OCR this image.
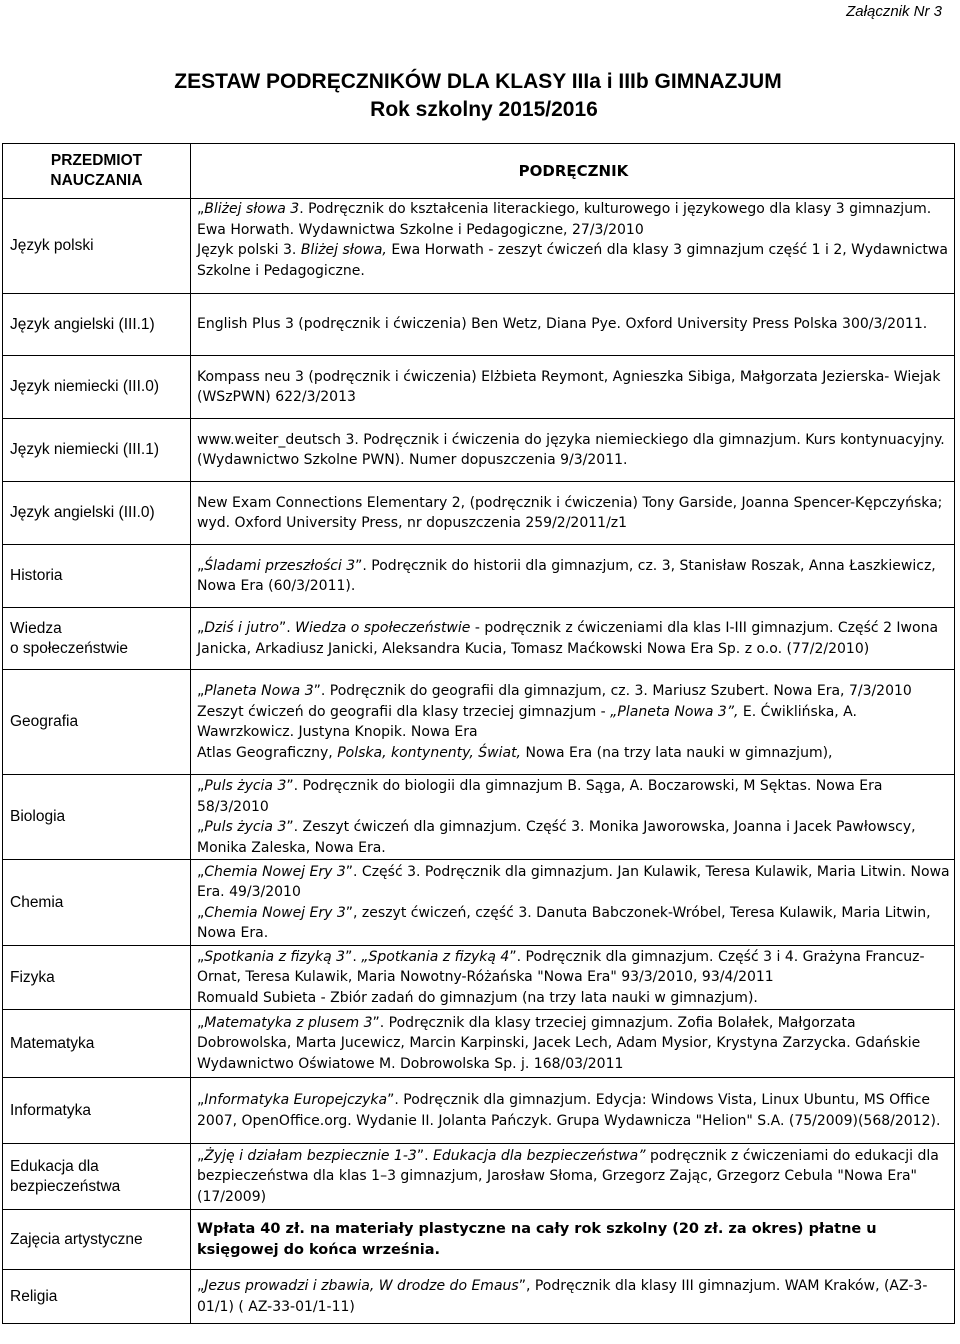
Załącznik Nr 3
ZESTAW PODRĘCZNIKÓW DLA KLASY IIIa i IIIb GIMNAZJUM
Rok szkolny 2015/2016
PRZEDMIOT
NAUCZANIA	PODRĘCZNIK
Język polski	„Bliżej słowa 3. Podręcznik do kształcenia literackiego, kulturowego i językowego dla klasy 3 gimnazjum. Ewa Horwath. Wydawnictwa Szkolne i Pedagogiczne, 27/3/2010
Język polski 3. Bliżej słowa, Ewa Horwath - zeszyt ćwiczeń dla klasy 3 gimnazjum część 1 i 2, Wydawnictwa Szkolne i Pedagogiczne.

Język angielski (III.1)	English Plus 3 (podręcznik i ćwiczenia) Ben Wetz, Diana Pye. Oxford University Press Polska 300/3/2011.
Język niemiecki (III.0)	Kompass neu 3 (podręcznik i ćwiczenia) Elżbieta Reymont, Agnieszka Sibiga, Małgorzata Jezierska- Wiejak (WSzPWN) 622/3/2013
Język niemiecki (III.1)	www.weiter_deutsch 3. Podręcznik i ćwiczenia do języka niemieckiego dla gimnazjum. Kurs kontynuacyjny. (Wydawnictwo Szkolne PWN). Numer dopuszczenia 9/3/2011.
Język angielski (III.0)	New Exam Connections Elementary 2, (podręcznik i ćwiczenia) Tony Garside, Joanna Spencer-Kępczyńska; wyd. Oxford University Press, nr dopuszczenia 259/2/2011/z1
Historia	„Śladami przeszłości 3”. Podręcznik do historii dla gimnazjum, cz. 3, Stanisław Roszak, Anna Łaszkiewicz, Nowa Era (60/3/2011).

Wiedza
o społeczeństwie	„Dziś i jutro”. Wiedza o społeczeństwie - podręcznik z ćwiczeniami dla klas I-III gimnazjum. Część 2 Iwona Janicka, Arkadiusz Janicki, Aleksandra Kucia, Tomasz Maćkowski Nowa Era Sp. z o.o. (77/2/2010)
Geografia	„Planeta Nowa 3”. Podręcznik do geografii dla gimnazjum, cz. 3. Mariusz Szubert. Nowa Era, 7/3/2010
Zeszyt ćwiczeń do geografii dla klasy trzeciej gimnazjum - „Planeta Nowa 3”, E. Ćwiklińska, A. Wawrzkowicz. Justyna Knopik. Nowa Era
Atlas Geograficzny, Polska, kontynenty, Świat, Nowa Era (na trzy lata nauki w gimnazjum),

Biologia	„Puls życia 3”. Podręcznik do biologii dla gimnazjum B. Sąga, A. Boczarowski, M Sęktas. Nowa Era 58/3/2010
„Puls życia 3”. Zeszyt ćwiczeń dla gimnazjum. Część 3. Monika Jaworowska, Joanna i Jacek Pawłowscy, Monika Zaleska, Nowa Era.

Chemia	„Chemia Nowej Ery 3”. Część 3. Podręcznik dla gimnazjum. Jan Kulawik, Teresa Kulawik, Maria Litwin. Nowa Era. 49/3/2010
„Chemia Nowej Ery 3”, zeszyt ćwiczeń, część 3. Danuta Babczonek-Wróbel, Teresa Kulawik, Maria Litwin, Nowa Era.

Fizyka	„Spotkania z fizyką 3”. „Spotkania z fizyką 4”. Podręcznik dla gimnazjum. Część 3 i 4. Grażyna Francuz-Ornat, Teresa Kulawik, Maria Nowotny-Różańska "Nowa Era" 93/3/2010, 93/4/2011
Romuald Subieta - Zbiór zadań do gimnazjum (na trzy lata nauki w gimnazjum).

Matematyka	„Matematyka z plusem 3”. Podręcznik dla klasy trzeciej gimnazjum. Zofia Bolałek, Małgorzata Dobrowolska, Marta Jucewicz, Marcin Karpinski, Jacek Lech, Adam Mysior, Krystyna Zarzycka. Gdańskie Wydawnictwo Oświatowe M. Dobrowolska Sp. j. 168/03/2011
Informatyka	„Informatyka Europejczyka”. Podręcznik dla gimnazjum. Edycja: Windows Vista, Linux Ubuntu, MS Office 2007, OpenOffice.org. Wydanie II. Jolanta Pańczyk. Grupa Wydawnicza "Helion" S.A. (75/2009)(568/2012).

Edukacja dla
bezpieczeństwa	„Żyję i działam bezpiecznie 1-3”. Edukacja dla bezpieczeństwa” podręcznik z ćwiczeniami do edukacji dla bezpieczeństwa dla klas 1–3 gimnazjum, Jarosław Słoma, Grzegorz Zając, Grzegorz Cebula "Nowa Era" (17/2009)
Zajęcia artystyczne	Wpłata 40 zł. na materiały plastyczne na cały rok szkolny (20 zł. za okres) płatne u księgowej do końca września.
Religia	„Jezus prowadzi i zbawia, W drodze do Emaus”, Podręcznik dla klasy III gimnazjum. WAM Kraków, (AZ-3-01/1) ( AZ-33-01/1-11)
